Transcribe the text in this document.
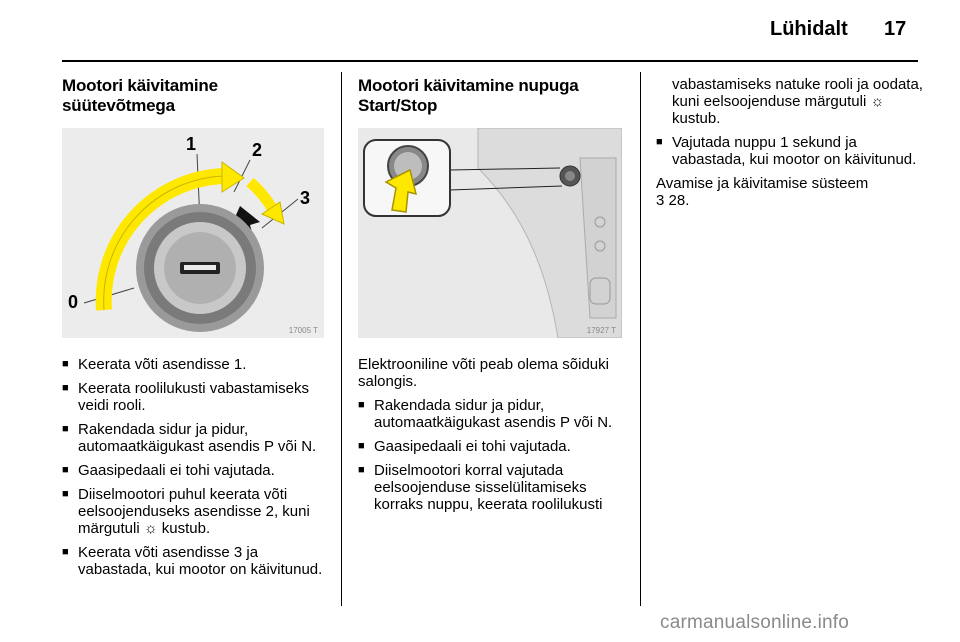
Lühidalt 17
Mootori käivitamine
süütevõtmega
0
1	2
3
17005 T
■ Keerata võti asendisse 1.
■ Keerata roolilukusti vabastamiseks veidi rooli.
■ Rakendada sidur ja pidur, automaatkäigukast asendis P või N.
■ Gaasipedaali ei tohi vajutada.
■ Diiselmootori puhul keerata võti eelsoojenduseks asendisse 2, kuni märgutuli ☼ kustub.
■ Keerata võti asendisse 3 ja vabastada, kui mootor on käivitunud.
Mootori käivitamine nupuga
Start/Stop
17927 T

Elektrooniline võti peab olema sõiduki salongis.

■ Rakendada sidur ja pidur, automaatkäigukast asendis P või N.
■ Gaasipedaali ei tohi vajutada.
■ Diiselmootori korral vajutada eelsoojenduse sisselülitamiseks korraks nuppu, keerata roolilukusti
vabastamiseks natuke rooli ja oodata, kuni eelsoojenduse märgutuli ☼ kustub.
■ Vajutada nuppu 1 sekund ja vabastada, kui mootor on käivitunud.

Avamise ja käivitamise süsteem
3 28.

carmanualsonline.info
